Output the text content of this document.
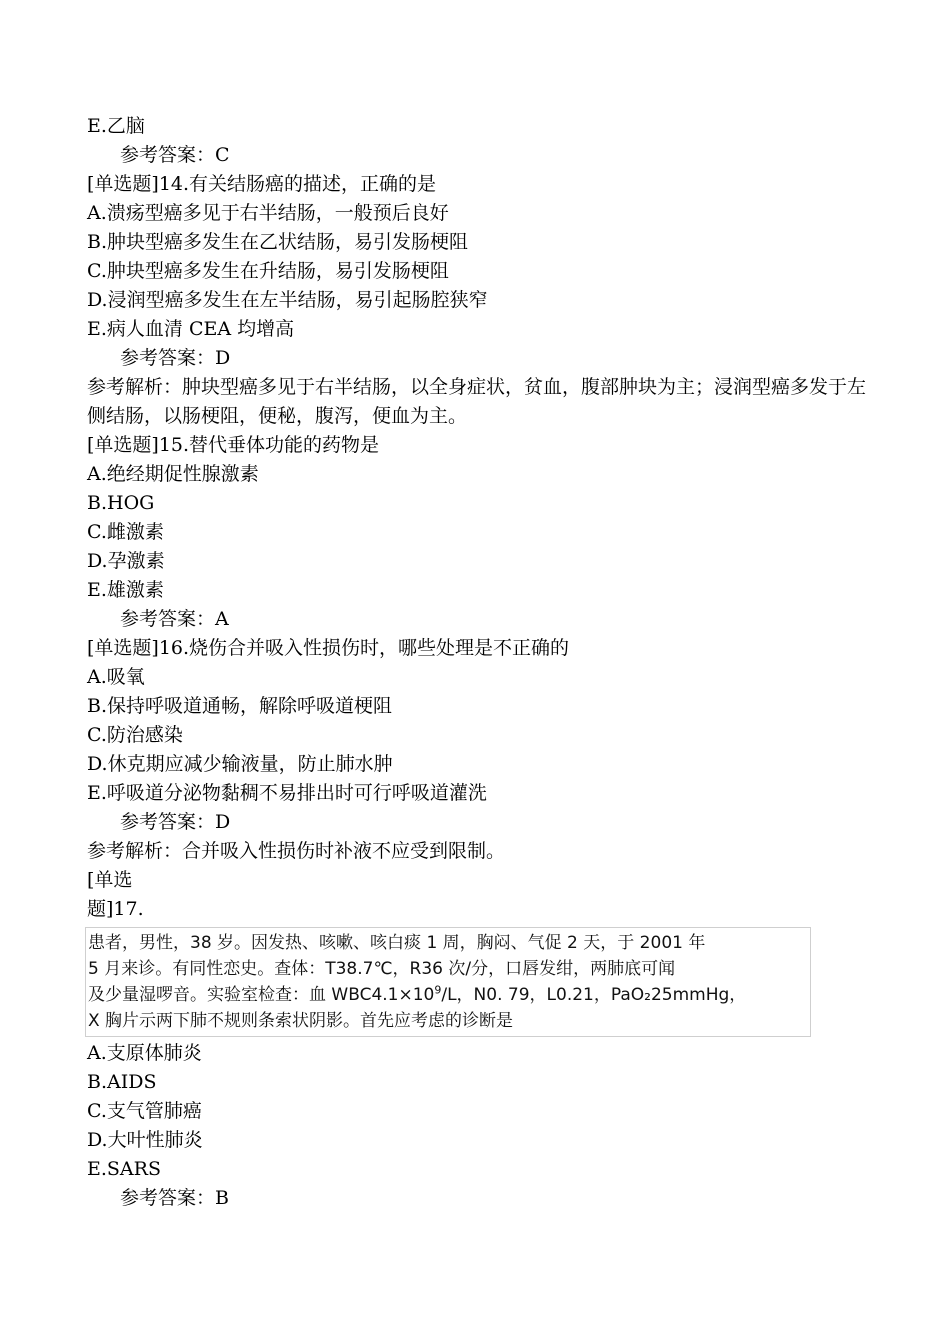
E.乙脑
参考答案：C
[单选题]14.有关结肠癌的描述，正确的是
A.溃疡型癌多见于右半结肠，一般预后良好
B.肿块型癌多发生在乙状结肠，易引发肠梗阻
C.肿块型癌多发生在升结肠，易引发肠梗阻
D.浸润型癌多发生在左半结肠，易引起肠腔狭窄
E.病人血清 CEA 均增高
参考答案：D
参考解析：肿块型癌多见于右半结肠，以全身症状，贫血，腹部肿块为主；浸润型癌多发于左侧结肠，以肠梗阻，便秘，腹泻，便血为主。
[单选题]15.替代垂体功能的药物是
A.绝经期促性腺激素
B.HOG
C.雌激素
D.孕激素
E.雄激素
参考答案：A
[单选题]16.烧伤合并吸入性损伤时，哪些处理是不正确的
A.吸氧
B.保持呼吸道通畅，解除呼吸道梗阻
C.防治感染
D.休克期应减少输液量，防止肺水肿
E.呼吸道分泌物黏稠不易排出时可行呼吸道灌洗
参考答案：D
参考解析：合并吸入性损伤时补液不应受到限制。
[单选
题]17.
患者，男性，38 岁。因发热、咳嗽、咳白痰 1 周，胸闷、气促 2 天，于 2001 年
5 月来诊。有同性恋史。查体：T38.7℃，R36 次/分，口唇发绀，两肺底可闻
及少量湿啰音。实验室检查：血 $WBC4.1\times 10^9/L$，N0. 79，L0.21，PaO₂25mmHg，
X 胸片示两下肺不规则条索状阴影。首先应考虑的诊断是
A.支原体肺炎
B.AIDS
C.支气管肺癌
D.大叶性肺炎
E.SARS
参考答案：B
